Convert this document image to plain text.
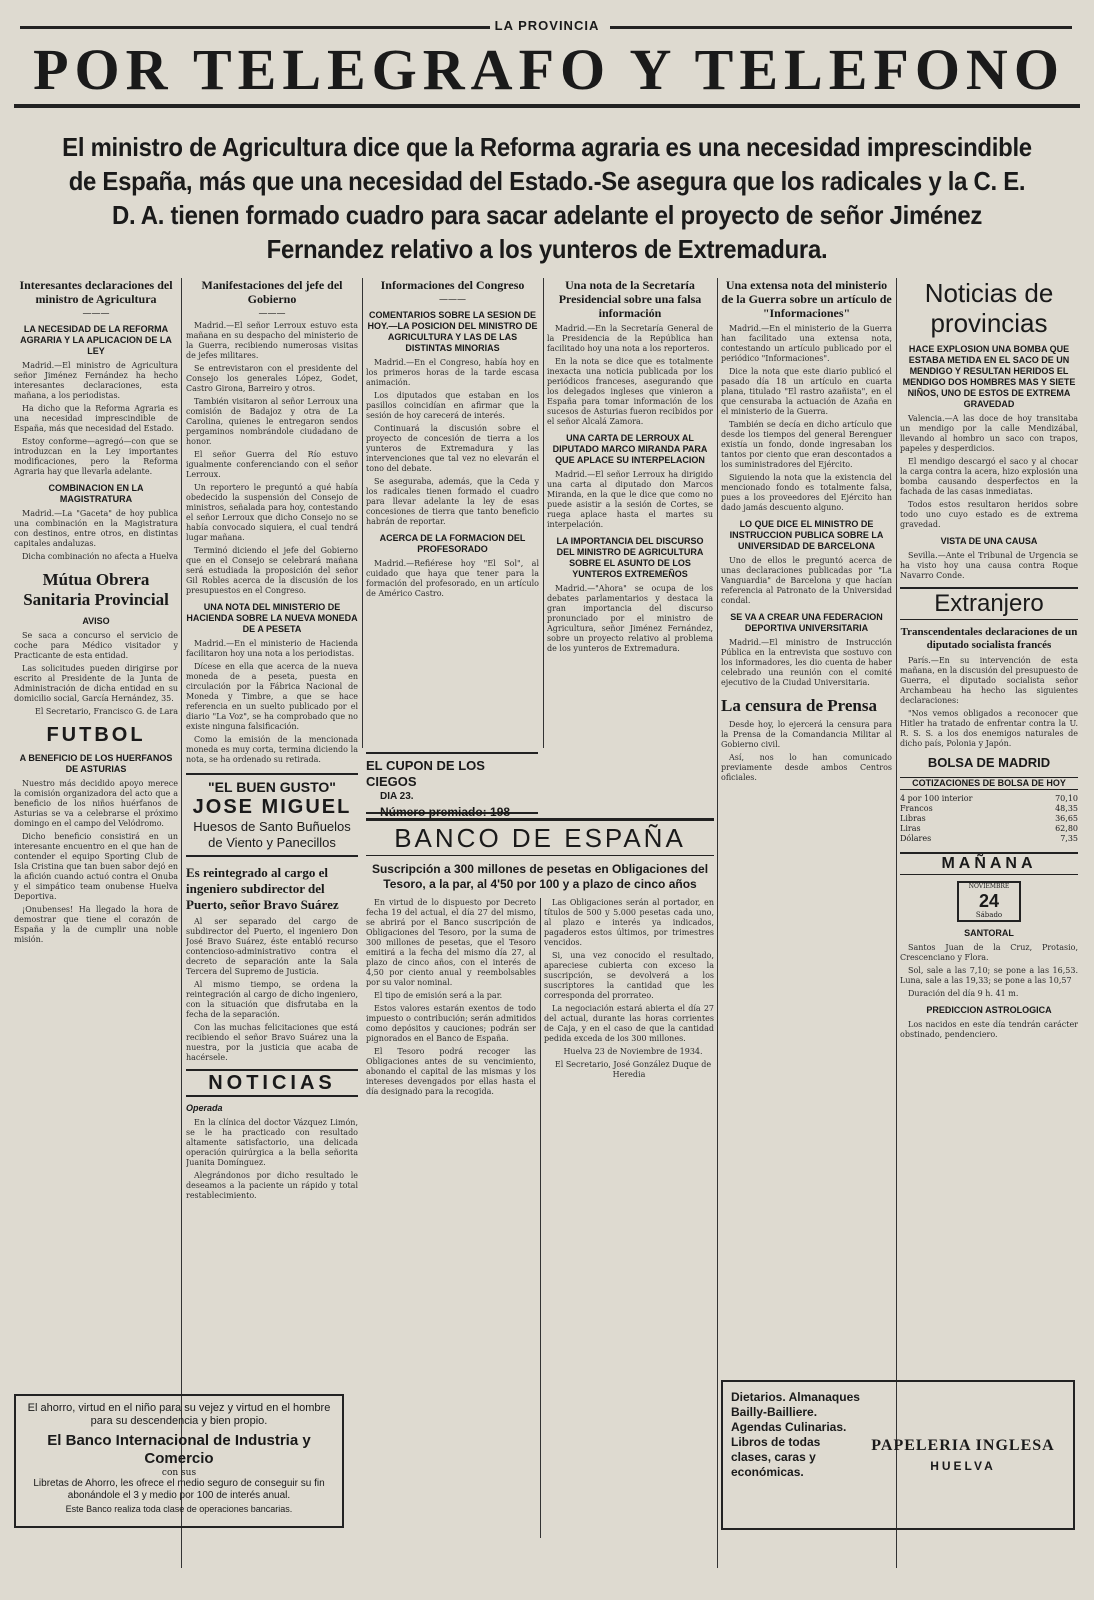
LA PROVINCIA
POR TELEGRAFO Y TELEFONO
El ministro de Agricultura dice que la Reforma agraria es una necesidad imprescindible de España, más que una necesidad del Estado.-Se asegura que los radicales y la C. E. D. A. tienen formado cuadro para sacar adelante el proyecto de señor Jiménez Fernandez relativo a los yunteros de Extremadura.
Interesantes declaraciones del ministro de Agricultura
———
LA NECESIDAD DE LA REFORMA AGRARIA Y LA APLICACION DE LA LEY
Madrid.—El ministro de Agricultura señor Jiménez Fernández ha hecho interesantes declaraciones, esta mañana, a los periodistas.
Ha dicho que la Reforma Agraria es una necesidad imprescindible de España, más que necesidad del Estado.
Estoy conforme—agregó—con que se introduzcan en la Ley importantes modificaciones, pero la Reforma Agraria hay que llevarla adelante.
COMBINACION EN LA MAGISTRATURA
Madrid.—La "Gaceta" de hoy publica una combinación en la Magistratura con destinos, entre otros, en distintas capitales andaluzas.
Dicha combinación no afecta a Huelva
Mútua Obrera Sanitaria Provincial
AVISO
Se saca a concurso el servicio de coche para Médico visitador y Practicante de esta entidad.
Las solicitudes pueden dirigirse por escrito al Presidente de la Junta de Administración de dicha entidad en su domicilio social, García Hernández, 35.
El Secretario, Francisco G. de Lara
FUTBOL
A BENEFICIO DE LOS HUERFANOS DE ASTURIAS
Nuestro más decidido apoyo merece la comisión organizadora del acto que a beneficio de los niños huérfanos de Asturias se va a celebrarse el próximo domingo en el campo del Velódromo.
Dicho beneficio consistirá en un interesante encuentro en el que han de contender el equipo Sporting Club de Isla Cristina que tan buen sabor dejó en la afición cuando actuó contra el Onuba y el simpático team onubense Huelva Deportiva.
¡Onubenses! Ha llegado la hora de demostrar que tiene el corazón de España y la de cumplir una noble misión.
El ahorro, virtud en el niño para su vejez y virtud en el hombre para su descendencia y bien propio.
El Banco Internacional de Industria y Comercio
con sus
Libretas de Ahorro, les ofrece el medio seguro de conseguir su fin abonándole el 3 y medio por 100 de interés anual.
Este Banco realiza toda clase de operaciones bancarias.
Manifestaciones del jefe del Gobierno
———
Madrid.—El señor Lerroux estuvo esta mañana en su despacho del ministerio de la Guerra, recibiendo numerosas visitas de jefes militares.
Se entrevistaron con el presidente del Consejo los generales López, Godet, Castro Girona, Barreiro y otros.
También visitaron al señor Lerroux una comisión de Badajoz y otra de La Carolina, quienes le entregaron sendos pergaminos nombrándole ciudadano de honor.
El señor Guerra del Río estuvo igualmente conferenciando con el señor Lerroux.
Un reportero le preguntó a qué había obedecido la suspensión del Consejo de ministros, señalada para hoy, contestando el señor Lerroux que dicho Consejo no se había convocado siquiera, el cual tendrá lugar mañana.
Terminó diciendo el jefe del Gobierno que en el Consejo se celebrará mañana será estudiada la proposición del señor Gil Robles acerca de la discusión de los presupuestos en el Congreso.
UNA NOTA DEL MINISTERIO DE HACIENDA SOBRE LA NUEVA MONEDA DE A PESETA
Madrid.—En el ministerio de Hacienda facilitaron hoy una nota a los periodistas.
Dícese en ella que acerca de la nueva moneda de a peseta, puesta en circulación por la Fábrica Nacional de Moneda y Timbre, a que se hace referencia en un suelto publicado por el diario "La Voz", se ha comprobado que no existe ninguna falsificación.
Como la emisión de la mencionada moneda es muy corta, termina diciendo la nota, se ha ordenado su retirada.
"EL BUEN GUSTO"
JOSE MIGUEL
Huesos de Santo Buñuelos de Viento y Panecillos
Es reintegrado al cargo el ingeniero subdirector del Puerto, señor Bravo Suárez
Al ser separado del cargo de subdirector del Puerto, el ingeniero Don José Bravo Suárez, éste entabló recurso contencioso-administrativo contra el decreto de separación ante la Sala Tercera del Supremo de Justicia.
Al mismo tiempo, se ordena la reintegración al cargo de dicho ingeniero, con la situación que disfrutaba en la fecha de la separación.
Con las muchas felicitaciones que está recibiendo el señor Bravo Suárez una la nuestra, por la justicia que acaba de hacérsele.
NOTICIAS
Operada
En la clínica del doctor Vázquez Limón, se le ha practicado con resultado altamente satisfactorio, una delicada operación quirúrgica a la bella señorita Juanita Domínguez.
Alegrándonos por dicho resultado le deseamos a la paciente un rápido y total restablecimiento.
Informaciones del Congreso
———
COMENTARIOS SOBRE LA SESION DE HOY.—LA POSICION DEL MINISTRO DE AGRICULTURA Y LAS DE LAS DISTINTAS MINORIAS
Madrid.—En el Congreso, había hoy en los primeros horas de la tarde escasa animación.
Los diputados que estaban en los pasillos coincidían en afirmar que la sesión de hoy carecerá de interés.
Continuará la discusión sobre el proyecto de concesión de tierra a los yunteros de Extremadura y las intervenciones que tal vez no elevarán el tono del debate.
Se aseguraba, además, que la Ceda y los radicales tienen formado el cuadro para llevar adelante la ley de esas concesiones de tierra que tanto beneficio habrán de reportar.
ACERCA DE LA FORMACION DEL PROFESORADO
Madrid.—Refiérese hoy "El Sol", al cuidado que haya que tener para la formación del profesorado, en un artículo de Américo Castro.
EL CUPON DE LOS CIEGOS
DIA 23.
Número premiado: 198
Una nota de la Secretaría Presidencial sobre una falsa información
Madrid.—En la Secretaría General de la Presidencia de la República han facilitado hoy una nota a los reporteros.
En la nota se dice que es totalmente inexacta una noticia publicada por los periódicos franceses, asegurando que los delegados ingleses que vinieron a España para tomar información de los sucesos de Asturias fueron recibidos por el señor Alcalá Zamora.
UNA CARTA DE LERROUX AL DIPUTADO MARCO MIRANDA PARA QUE APLACE SU INTERPELACION
Madrid.—El señor Lerroux ha dirigido una carta al diputado don Marcos Miranda, en la que le dice que como no puede asistir a la sesión de Cortes, se ruega aplace hasta el martes su interpelación.
LA IMPORTANCIA DEL DISCURSO DEL MINISTRO DE AGRICULTURA SOBRE EL ASUNTO DE LOS YUNTEROS EXTREMEÑOS
Madrid.—"Ahora" se ocupa de los debates parlamentarios y destaca la gran importancia del discurso pronunciado por el ministro de Agricultura, señor Jiménez Fernández, sobre un proyecto relativo al problema de los yunteros de Extremadura.
BANCO DE ESPAÑA
Suscripción a 300 millones de pesetas en Obligaciones del Tesoro, a la par, al 4'50 por 100 y a plazo de cinco años
En virtud de lo dispuesto por Decreto fecha 19 del actual, el día 27 del mismo, se abrirá por el Banco suscripción de Obligaciones del Tesoro, por la suma de 300 millones de pesetas, que el Tesoro emitirá a la fecha del mismo día 27, al plazo de cinco años, con el interés de 4,50 por ciento anual y reembolsables por su valor nominal.
El tipo de emisión será a la par.
Estos valores estarán exentos de todo impuesto o contribución; serán admitidos como depósitos y cauciones; podrán ser pignorados en el Banco de España.
El Tesoro podrá recoger las Obligaciones antes de su vencimiento, abonando el capital de las mismas y los intereses devengados por ellas hasta el día designado para la recogida.
Las Obligaciones serán al portador, en títulos de 500 y 5.000 pesetas cada uno, al plazo e interés ya indicados, pagaderos estos últimos, por trimestres vencidos.
Si, una vez conocido el resultado, apareciese cubierta con exceso la suscripción, se devolverá a los suscriptores la cantidad que les corresponda del prorrateo.
La negociación estará abierta el día 27 del actual, durante las horas corrientes de Caja, y en el caso de que la cantidad pedida exceda de los 300 millones.
Huelva 23 de Noviembre de 1934.
El Secretario, José González Duque de Heredia
Una extensa nota del ministerio de la Guerra sobre un artículo de "Informaciones"
Madrid.—En el ministerio de la Guerra han facilitado una extensa nota, contestando un artículo publicado por el periódico "Informaciones".
Dice la nota que este diario publicó el pasado día 18 un artículo en cuarta plana, titulado "El rastro azañista", en el que censuraba la actuación de Azaña en el ministerio de la Guerra.
También se decía en dicho artículo que desde los tiempos del general Berenguer existía un fondo, donde ingresaban los tantos por ciento que eran descontados a los suministradores del Ejército.
Siguiendo la nota que la existencia del mencionado fondo es totalmente falsa, pues a los proveedores del Ejército han dado jamás descuento alguno.
LO QUE DICE EL MINISTRO DE INSTRUCCION PUBLICA SOBRE LA UNIVERSIDAD DE BARCELONA
Uno de ellos le preguntó acerca de unas declaraciones publicadas por "La Vanguardia" de Barcelona y que hacían referencia al Patronato de la Universidad condal.
SE VA A CREAR UNA FEDERACION DEPORTIVA UNIVERSITARIA
Madrid.—El ministro de Instrucción Pública en la entrevista que sostuvo con los informadores, les dio cuenta de haber celebrado una reunión con el comité ejecutivo de la Ciudad Universitaria.
La censura de Prensa
Desde hoy, lo ejercerá la censura para la Prensa de la Comandancia Militar al Gobierno civil.
Así, nos lo han comunicado previamente desde ambos Centros oficiales.
Noticias de provincias
HACE EXPLOSION UNA BOMBA QUE ESTABA METIDA EN EL SACO DE UN MENDIGO Y RESULTAN HERIDOS EL MENDIGO DOS HOMBRES MAS Y SIETE NIÑOS, UNO DE ESTOS DE EXTREMA GRAVEDAD
Valencia.—A las doce de hoy transitaba un mendigo por la calle Mendizábal, llevando al hombro un saco con trapos, papeles y desperdicios.
El mendigo descargó el saco y al chocar la carga contra la acera, hizo explosión una bomba causando desperfectos en la fachada de las casas inmediatas.
Todos estos resultaron heridos sobre todo uno cuyo estado es de extrema gravedad.
VISTA DE UNA CAUSA
Sevilla.—Ante el Tribunal de Urgencia se ha visto hoy una causa contra Roque Navarro Conde.
Extranjero
Transcendentales declaraciones de un diputado socialista francés
París.—En su intervención de esta mañana, en la discusión del presupuesto de Guerra, el diputado socialista señor Archambeau ha hecho las siguientes declaraciones:
"Nos vemos obligados a reconocer que Hitler ha tratado de enfrentar contra la U. R. S. S. a los dos enemigos naturales de dicho país, Polonia y Japón.
BOLSA DE MADRID
COTIZACIONES DE BOLSA DE HOY
4 por 100 interior	70,10
Francos	48,35
Libras	36,65
Liras	62,80
Dólares	7,35
MAÑANA
NOVIEMBRE
24
Sábado
SANTORAL
Santos Juan de la Cruz, Protasio, Crescenciano y Flora.
Sol, sale a las 7,10; se pone a las 16,53. Luna, sale a las 19,33; se pone a las 10,57
Duración del día 9 h. 41 m.
PREDICCION ASTROLOGICA
Los nacidos en este día tendrán carácter obstinado, pendenciero.
Dietarios. Almanaques Bailly-Bailliere. Agendas Culinarias. Libros de todas clases, caras y económicas.
PAPELERIA INGLESA
HUELVA
